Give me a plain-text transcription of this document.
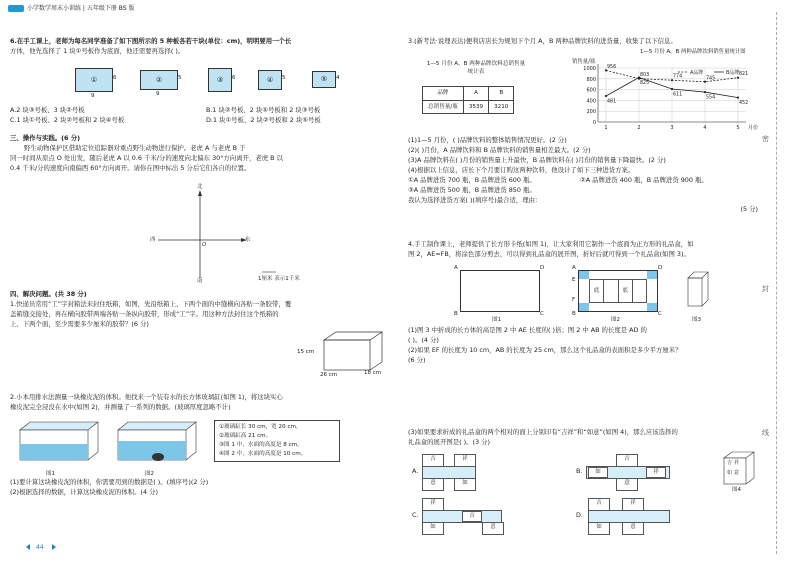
小学数学周末小训练 | 五年级下册 BS 版
6.在手工课上，老师为每名同学准备了如下图所示的 5 种板各若干块(单位：cm)，明明要用一个长
方体，他先选择了 1 块①号板作为底面，他还需要再选择( )。
①	6
9
②	5
9
③ 6	④ 5	⑤ 4
A.2 块③号板、3 块②号板	B.1 块②号板、2 块⑤号板和 2 块③号板
C.1 块①号板、2 块②号板和 2 块④号板	D.1 块①号板、2 块②号板和 2 块⑤号板
三、操作与实践。(6 分)
野生动物保护区借助定位追踪器对重点野生动物进行保护。老虎 A 与老虎 B 于
同一时间从原点 O 处出发，随后老虎 A 以 0.6 千米/分的速度向北偏东 30°方向离开，老虎 B 以
0.4 千米/分的速度向南偏西 60°方向离开。请你在图中标出 5 分后它们各自的位置。
北
南
东
西
O
1厘米 表示1千米
四、解决问题。(共 38 分)
1.快递员常用“工”字封箱法来封住纸箱，如图，先沿纸箱上、下两个面的中缝横向各贴一条胶带，覆
盖箱缝交接处，再在横向胶带两端各贴一条纵向胶带，形成“工”字。用这种方法封住这个纸箱的
上、下两个面，至少需要多少厘米的胶带？(6 分)
15 cm
26 cm	18 cm
2.小本用排水法测量一块橡皮泥的体积。他找来一个装有水的长方体玻璃缸(如图 1)，将这块实心
橡皮泥完全浸没在水中(如图 2)，并测量了一系列的数据。(玻璃厚度忽略不计)
图1	图2
①玻璃缸长 30 cm，宽 20 cm。
②玻璃缸高 21 cm。
③图 1 中，水面的高度是 8 cm。
④图 2 中，水面的高度是 10 cm。
(1)要计算这块橡皮泥的体积，你需要用到的数据是( )。(填序号)(2 分)
(2)根据选择的数据，计算这块橡皮泥的体积。(4 分)
44
3.(新考法·说理表达)便利店店长为规划下个月 A，B 两种品牌饮料的进货量，收集了以下信息。
1—5 月份 A，B 两种品牌饮料总销售量
统计表
品牌	A	B
总销售量/瓶	3539	3210
1—5 月份 A，B 两种品牌饮料销售量统计图
销售量/瓶
0
200
400
600
800
1000
1	2	3	4	5 月份
A品牌	B品牌
956
803	774	745
821
481
825
611
554
452
(1)1—5 月份，( )品牌饮料的整体销售情况更好。(2 分)
(2)( )月份，A 品牌饮料和 B 品牌饮料的销售量相差最大。(2 分)
(3)A 品牌饮料在( )月份的销售量上升最快，B 品牌饮料在( )月份的销售量下降最快。(2 分)
(4)根据以上信息，店长下个月要订购这两种饮料，他设计了如下三种进货方案。
①A 品牌进货 700 瓶，B 品牌进货 600 瓶。	②A 品牌进货 400 瓶，B 品牌进货 900 瓶。
③A 品牌进货 500 瓶，B 品牌进货 850 瓶。
我认为选择进货方案( )(填序号)最合适，理由：
(5 分)
4.手工制作课上，老师提供了长方形卡纸(如图 1)，让大家利用它制作一个底面为正方形的礼品盒，如
图 2，AE=FB，将涂色部分剪去，可以得到礼品盒的展开图，折好后就可得到一个礼品盒(如图 3)。
A	D
B	C
图1
底	底
A	D
E
F
B	C
图2	图3
(1)图 3 中折成的长方体的高是图 2 中 AE 长度的( )倍；图 2 中 AB 的长度是 AD 的
( )。(4 分)
(2)如果 EF 的长度为 10 cm，AB 的长度为 25 cm，那么这个礼品盒的表面积是多少平方厘米？
(6 分)
(3)如果要求折成的礼品盒的两个相对的面上分别印有“吉祥”和“如意”(如图 4)，那么应该选择的
礼品盒的展开图是( )。(3 分)
A.
吉	祥
意	如
B.
吉
如	祥
意
C.
祥
吉
如	意
D.
吉	祥
如	意
吉 祥
如 意
图4
密
封
线
